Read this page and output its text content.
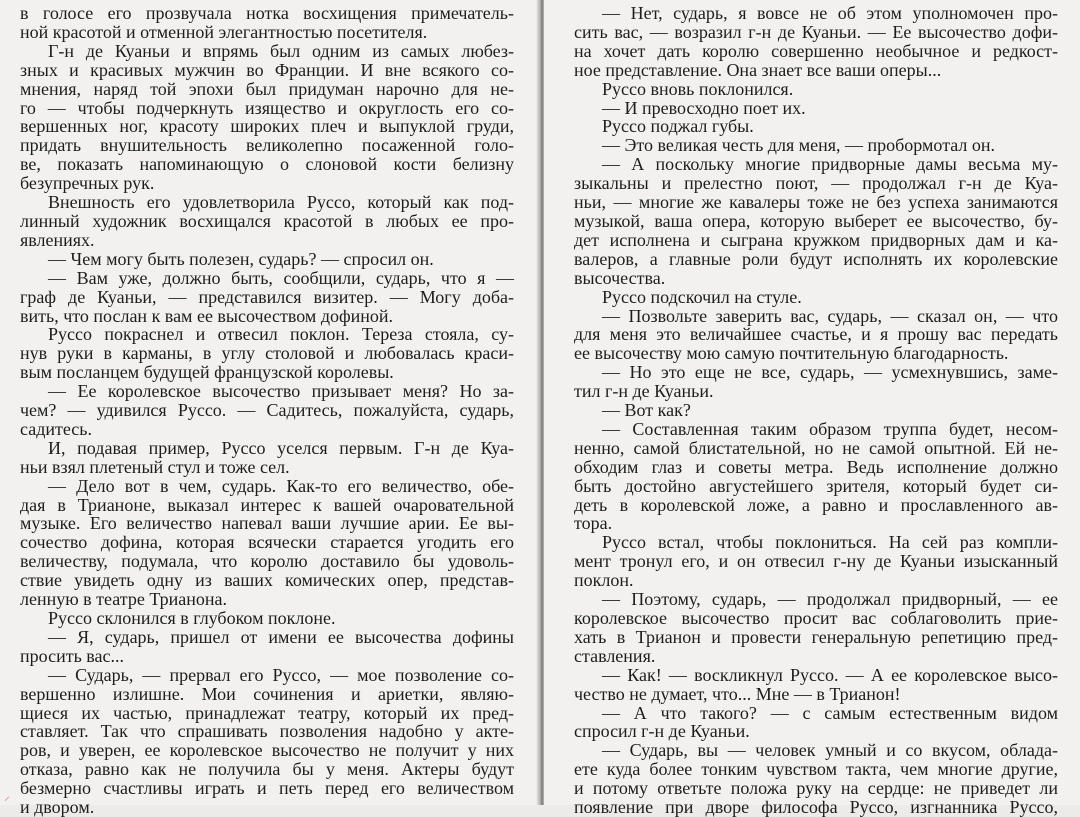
в голосе его прозвучала нотка восхищения примечатель-
ной красотой и отменной элегантностью посетителя.
Г-н де Куаньи и впрямь был одним из самых любез-
зных и красивых мужчин во Франции. И вне всякого со-
мнения, наряд той эпохи был придуман нарочно для не-
го — чтобы подчеркнуть изящество и округлость его со-
вершенных ног, красоту широких плеч и выпуклой груди,
придать внушительность великолепно посаженной голо-
ве, показать напоминающую о слоновой кости белизну
безупречных рук.
Внешность его удовлетворила Руссо, который как под-
линный художник восхищался красотой в любых ее про-
явлениях.
— Чем могу быть полезен, сударь? — спросил он.
— Вам уже, должно быть, сообщили, сударь, что я —
граф де Куаньи, — представился визитер. — Могу доба-
вить, что послан к вам ее высочеством дофиной.
Руссо покраснел и отвесил поклон. Тереза стояла, су-
нув руки в карманы, в углу столовой и любовалась краси-
вым посланцем будущей французской королевы.
— Ее королевское высочество призывает меня? Но за-
чем? — удивился Руссо. — Садитесь, пожалуйста, сударь,
садитесь.
И, подавая пример, Руссо уселся первым. Г-н де Куа-
ньи взял плетеный стул и тоже сел.
— Дело вот в чем, сударь. Как-то его величество, обе-
дая в Трианоне, выказал интерес к вашей очаровательной
музыке. Его величество напевал ваши лучшие арии. Ее вы-
сочество дофина, которая всячески старается угодить его
величеству, подумала, что королю доставило бы удоволь-
ствие увидеть одну из ваших комических опер, представ-
ленную в театре Трианона.
Руссо склонился в глубоком поклоне.
— Я, сударь, пришел от имени ее высочества дофины
просить вас...
— Сударь, — прервал его Руссо, — мое позволение со-
вершенно излишне. Мои сочинения и ариетки, являю-
щиеся их частью, принадлежат театру, который их пред-
ставляет. Так что спрашивать позволения надобно у акте-
ров, и уверен, ее королевское высочество не получит у них
отказа, равно как не получила бы у меня. Актеры будут
безмерно счастливы играть и петь перед его величеством
и двором.
— Нет, сударь, я вовсе не об этом уполномочен про-
сить вас, — возразил г-н де Куаньи. — Ее высочество дофи-
на хочет дать королю совершенно необычное и редкост-
ное представление. Она знает все ваши оперы...
Руссо вновь поклонился.
— И превосходно поет их.
Руссо поджал губы.
— Это великая честь для меня, — пробормотал он.
— А поскольку многие придворные дамы весьма му-
зыкальны и прелестно поют, — продолжал г-н де Куа-
ньи, — многие же кавалеры тоже не без успеха занимаются
музыкой, ваша опера, которую выберет ее высочество, бу-
дет исполнена и сыграна кружком придворных дам и ка-
валеров, а главные роли будут исполнять их королевские
высочества.
Руссо подскочил на стуле.
— Позвольте заверить вас, сударь, — сказал он, — что
для меня это величайшее счастье, и я прошу вас передать
ее высочеству мою самую почтительную благодарность.
— Но это еще не все, сударь, — усмехнувшись, заме-
тил г-н де Куаньи.
— Вот как?
— Составленная таким образом труппа будет, несом-
ненно, самой блистательной, но не самой опытной. Ей не-
обходим глаз и советы метра. Ведь исполнение должно
быть достойно августейшего зрителя, который будет си-
деть в королевской ложе, а равно и прославленного ав-
тора.
Руссо встал, чтобы поклониться. На сей раз компли-
мент тронул его, и он отвесил г-ну де Куаньи изысканный
поклон.
— Поэтому, сударь, — продолжал придворный, — ее
королевское высочество просит вас соблаговолить прие-
хать в Трианон и провести генеральную репетицию пред-
ставления.
— Как! — воскликнул Руссо. — А ее королевское высо-
чество не думает, что... Мне — в Трианон!
— А что такого? — с самым естественным видом
спросил г-н де Куаньи.
— Сударь, вы — человек умный и со вкусом, облада-
ете куда более тонким чувством такта, чем многие другие,
и потому ответьте положа руку на сердце: не приведет ли
появление при дворе философа Руссо, изгнанника Руссо,
⸝
